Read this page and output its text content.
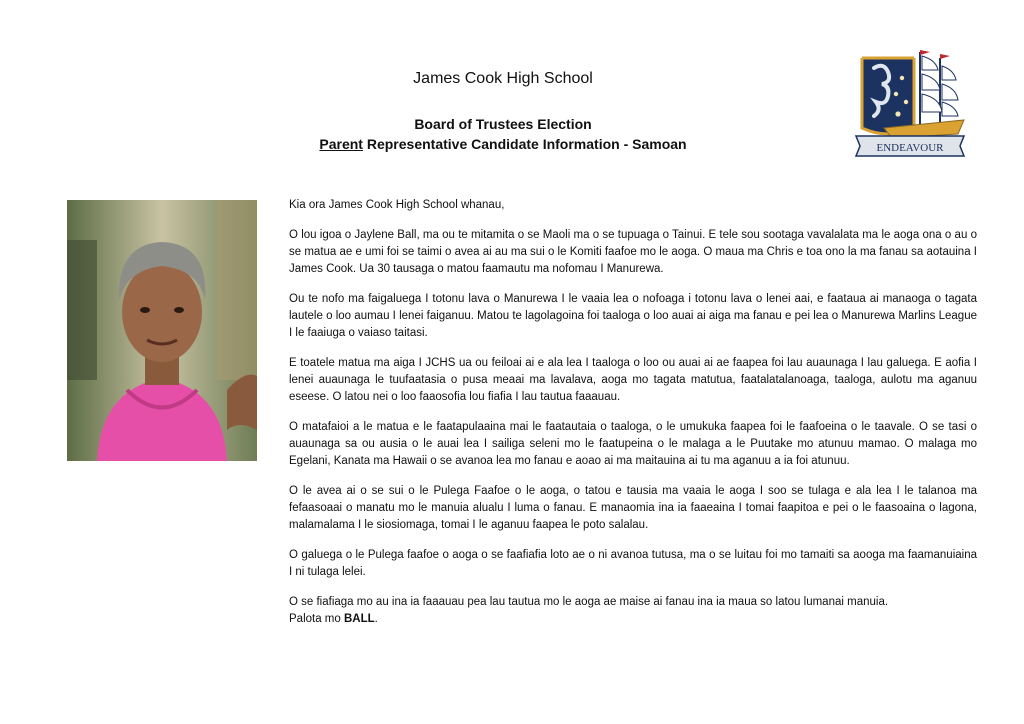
James Cook High School
Board of Trustees Election
Parent Representative Candidate Information - Samoan	ENDEAVOUR

Kia ora James Cook High School whanau,

O lou igoa o Jaylene Ball, ma ou te mitamita o se Maoli ma o se tupuaga o Tainui. E tele sou sootaga vavalalata ma le aoga ona o au o se matua ae e umi foi se taimi o avea ai au ma sui o le Komiti faafoe mo le aoga. O maua ma Chris e toa ono la ma fanau sa aotauina I James Cook. Ua 30 tausaga o matou faamautu ma nofomau I Manurewa.

Ou te nofo ma faigaluega I totonu lava o Manurewa I le vaaia lea o nofoaga i totonu lava o lenei aai, e faataua ai manaoga o tagata lautele o loo aumau I lenei faiganuu. Matou te lagolagoina foi taaloga o loo auai ai aiga ma fanau e pei lea o Manurewa Marlins League I le faaiuga o vaiaso taitasi.

E toatele matua ma aiga I JCHS ua ou feiloai ai e ala lea I taaloga o loo ou auai ai ae faapea foi lau auaunaga I lau galuega. E aofia I lenei auaunaga le tuufaatasia o pusa meaai ma lavalava, aoga mo tagata matutua, faatalatalanoaga, taaloga, aulotu ma aganuu eseese. O latou nei o loo faaosofia lou fiafia I lau tautua faaauau.

O matafaioi a le matua e le faatapulaaina mai le faatautaia o taaloga, o le umukuka faapea foi le faafoeina o le taavale. O se tasi o auaunaga sa ou ausia o le auai lea I sailiga seleni mo le faatupeina o le malaga a le Puutake mo atunuu mamao. O malaga mo Egelani, Kanata ma Hawaii o se avanoa lea mo fanau e aoao ai ma maitauina ai tu ma aganuu a ia foi atunuu.

O le avea ai o se sui o le Pulega Faafoe o le aoga, o tatou e tausia ma vaaia le aoga I soo se tulaga e ala lea I le talanoa ma fefaasoaai o manatu mo le manuia alualu I luma o fanau. E manaomia ina ia faaeaina I tomai faapitoa e pei o le faasoaina o lagona, malamalama I le siosiomaga, tomai I le aganuu faapea le poto salalau.

O galuega o le Pulega faafoe o aoga o se faafiafia loto ae o ni avanoa tutusa, ma o se luitau foi mo tamaiti sa aooga ma faamanuiaina I ni tulaga lelei.

O se fiafiaga mo au ina ia faaauau pea lau tautua mo le aoga ae maise ai fanau ina ia maua so latou lumanai manuia.

Palota mo BALL.
